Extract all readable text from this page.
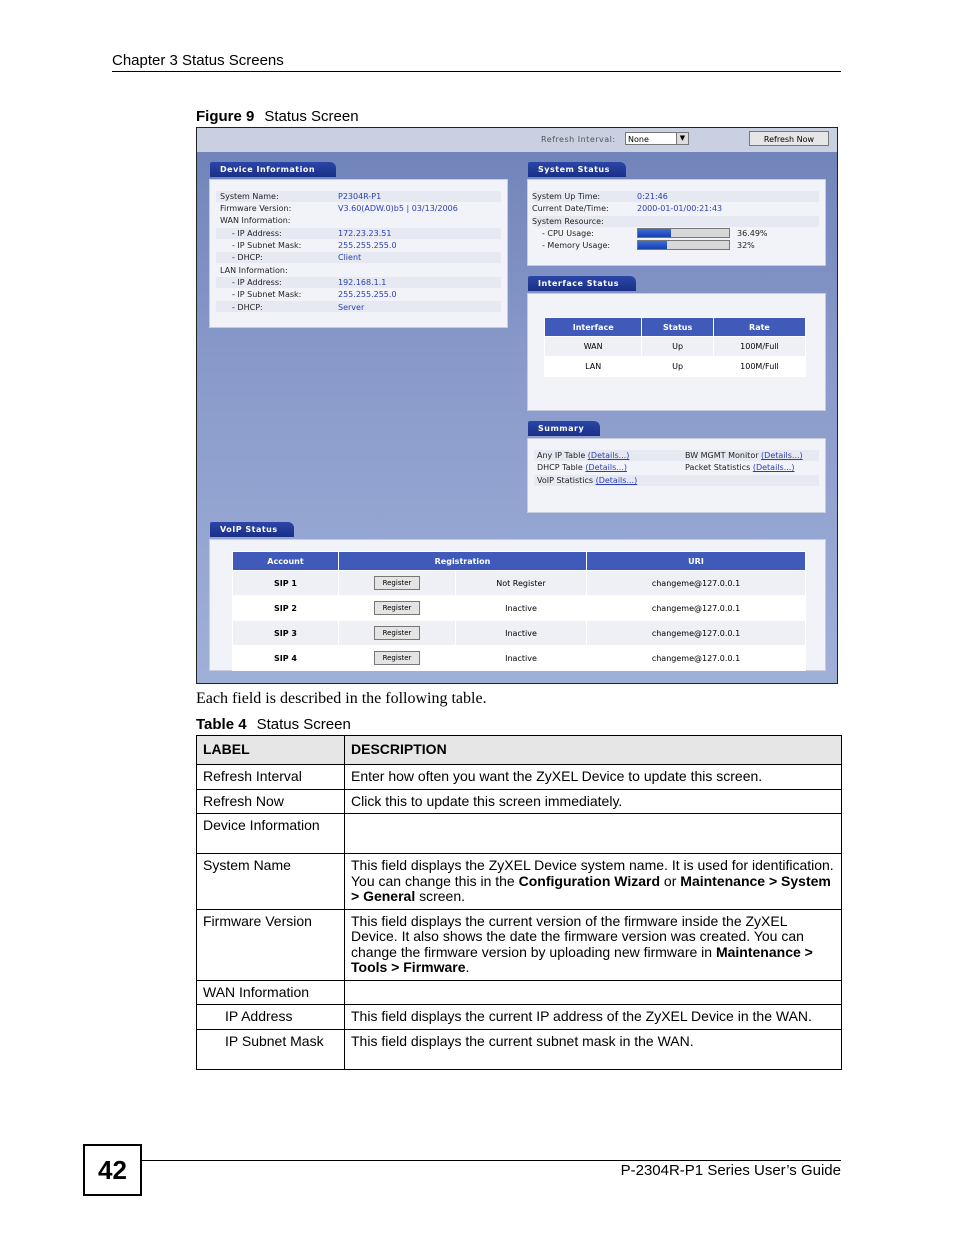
Chapter 3 Status Screens
Figure 9 Status Screen
Refresh Interval:	None	▼	Refresh Now
Device Information
System Name:	P2304R-P1
Firmware Version:	V3.60(ADW.0)b5 | 03/13/2006
WAN Information:
- IP Address:	172.23.23.51
- IP Subnet Mask:	255.255.255.0
- DHCP:	Client
LAN Information:
- IP Address:	192.168.1.1
- IP Subnet Mask:	255.255.255.0
- DHCP:	Server
System Status
System Up Time:	0:21:46
Current Date/Time:	2000-01-01/00:21:43
System Resource:
- CPU Usage:	36.49%
- Memory Usage:	32%
Interface Status
Interface	Status	Rate
WAN	Up	100M/Full
LAN	Up	100M/Full
Summary
Any IP Table (Details...)
DHCP Table (Details...)
VoIP Statistics (Details...)
BW MGMT Monitor (Details...)
Packet Statistics (Details...)
VoIP Status
Account	Registration		URI
SIP 1	Register	Not Register	changeme@127.0.0.1
SIP 2	Register	Inactive	changeme@127.0.0.1
SIP 3	Register	Inactive	changeme@127.0.0.1
SIP 4	Register	Inactive	changeme@127.0.0.1
Each field is described in the following table.
Table 4 Status Screen
LABEL	DESCRIPTION
Refresh Interval	Enter how often you want the ZyXEL Device to update this screen.
Refresh Now	Click this to update this screen immediately.
Device Information	
System Name	This field displays the ZyXEL Device system name. It is used for identification. You can change this in the Configuration Wizard or Maintenance > System > General screen.
Firmware Version	This field displays the current version of the firmware inside the ZyXEL Device. It also shows the date the firmware version was created. You can change the firmware version by uploading new firmware in Maintenance > Tools > Firmware.
WAN Information	
IP Address	This field displays the current IP address of the ZyXEL Device in the WAN.
IP Subnet Mask	This field displays the current subnet mask in the WAN.
42	P-2304R-P1 Series User’s Guide
